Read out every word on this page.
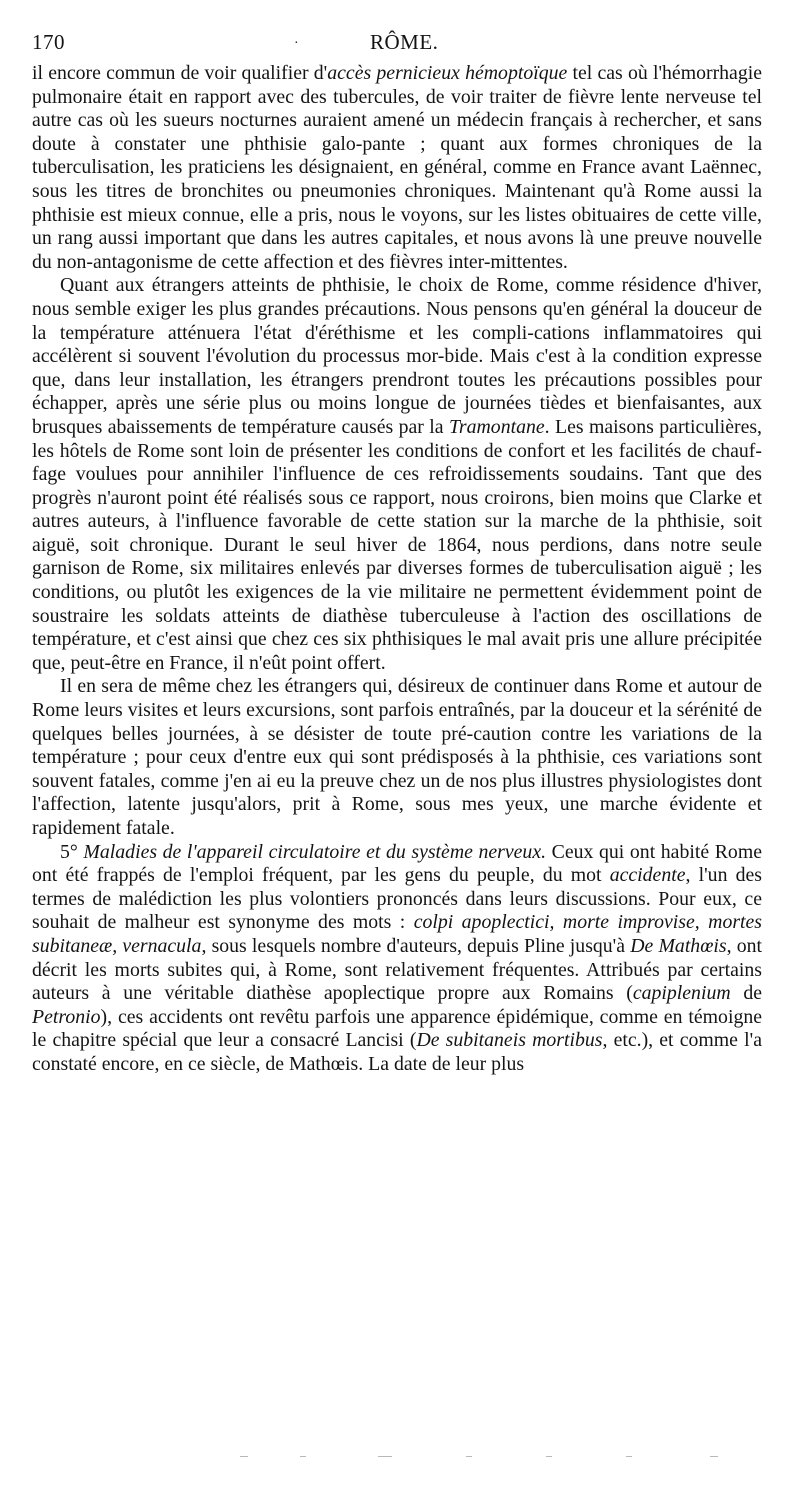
170	·	RÔME.

il encore commun de voir qualifier d'accès pernicieux hémoptoïque tel cas où l'hémorrhagie pulmonaire était en rapport avec des tubercules, de voir traiter de fièvre lente nerveuse tel autre cas où les sueurs nocturnes auraient amené un médecin français à rechercher, et sans doute à constater une phthisie galo-pante ; quant aux formes chroniques de la tuberculisation, les praticiens les désignaient, en général, comme en France avant Laënnec, sous les titres de bronchites ou pneumonies chroniques. Maintenant qu'à Rome aussi la phthisie est mieux connue, elle a pris, nous le voyons, sur les listes obituaires de cette ville, un rang aussi important que dans les autres capitales, et nous avons là une preuve nouvelle du non-antagonisme de cette affection et des fièvres inter-mittentes.

Quant aux étrangers atteints de phthisie, le choix de Rome, comme résidence d'hiver, nous semble exiger les plus grandes précautions. Nous pensons qu'en général la douceur de la température atténuera l'état d'éréthisme et les compli-cations inflammatoires qui accélèrent si souvent l'évolution du processus mor-bide. Mais c'est à la condition expresse que, dans leur installation, les étrangers prendront toutes les précautions possibles pour échapper, après une série plus ou moins longue de journées tièdes et bienfaisantes, aux brusques abaissements de température causés par la Tramontane. Les maisons particulières, les hôtels de Rome sont loin de présenter les conditions de confort et les facilités de chauf-fage voulues pour annihiler l'influence de ces refroidissements soudains. Tant que des progrès n'auront point été réalisés sous ce rapport, nous croirons, bien moins que Clarke et autres auteurs, à l'influence favorable de cette station sur la marche de la phthisie, soit aiguë, soit chronique. Durant le seul hiver de 1864, nous perdions, dans notre seule garnison de Rome, six militaires enlevés par diverses formes de tuberculisation aiguë ; les conditions, ou plutôt les exigences de la vie militaire ne permettent évidemment point de soustraire les soldats atteints de diathèse tuberculeuse à l'action des oscillations de température, et c'est ainsi que chez ces six phthisiques le mal avait pris une allure précipitée que, peut-être en France, il n'eût point offert.

Il en sera de même chez les étrangers qui, désireux de continuer dans Rome et autour de Rome leurs visites et leurs excursions, sont parfois entraînés, par la douceur et la sérénité de quelques belles journées, à se désister de toute pré-caution contre les variations de la température ; pour ceux d'entre eux qui sont prédisposés à la phthisie, ces variations sont souvent fatales, comme j'en ai eu la preuve chez un de nos plus illustres physiologistes dont l'affection, latente jusqu'alors, prit à Rome, sous mes yeux, une marche évidente et rapidement fatale.

5° Maladies de l'appareil circulatoire et du système nerveux. Ceux qui ont habité Rome ont été frappés de l'emploi fréquent, par les gens du peuple, du mot accidente, l'un des termes de malédiction les plus volontiers prononcés dans leurs discussions. Pour eux, ce souhait de malheur est synonyme des mots : colpi apoplectici, morte improvise, mortes subitaneæ, vernacula, sous lesquels nombre d'auteurs, depuis Pline jusqu'à De Mathœis, ont décrit les morts subites qui, à Rome, sont relativement fréquentes. Attribués par certains auteurs à une véritable diathèse apoplectique propre aux Romains (capiplenium de Petronio), ces accidents ont revêtu parfois une apparence épidémique, comme en témoigne le chapitre spécial que leur a consacré Lancisi (De subitaneis mortibus, etc.), et comme l'a constaté encore, en ce siècle, de Mathœis. La date de leur plus
